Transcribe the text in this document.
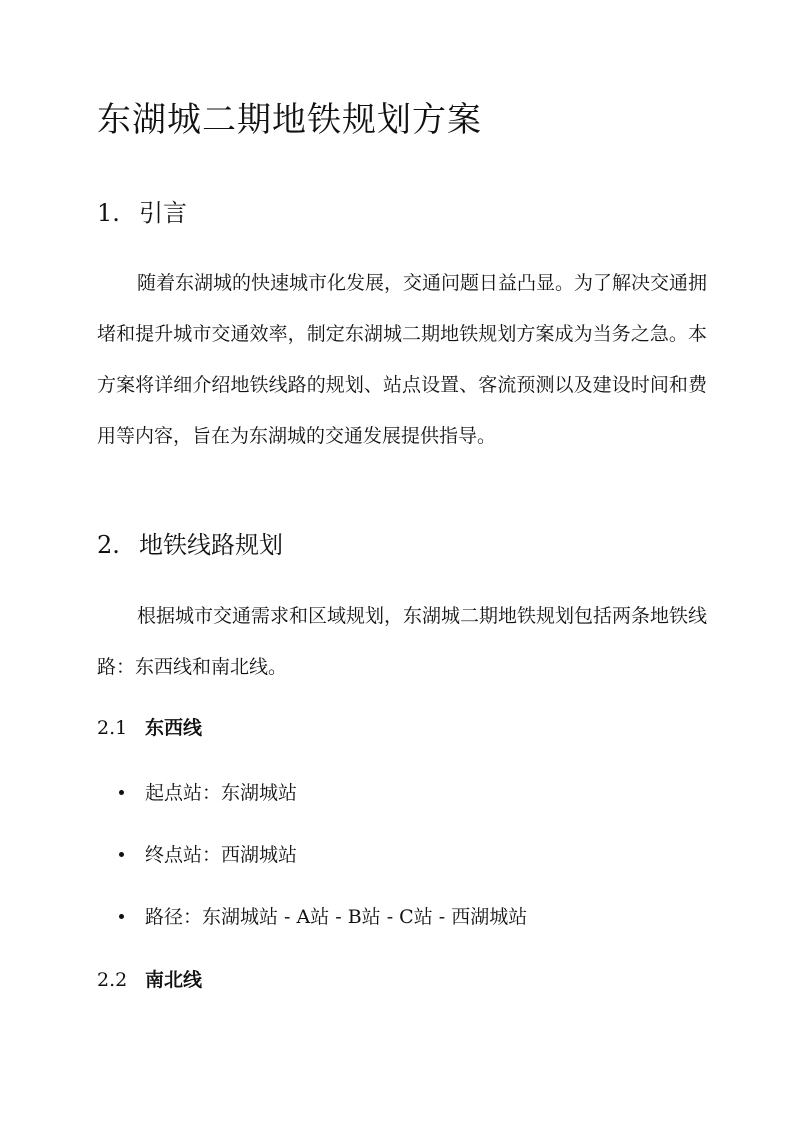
东湖城二期地铁规划方案
1. 引言

随着东湖城的快速城市化发展，交通问题日益凸显。为了解决交通拥堵和提升城市交通效率，制定东湖城二期地铁规划方案成为当务之急。本方案将详细介绍地铁线路的规划、站点设置、客流预测以及建设时间和费用等内容，旨在为东湖城的交通发展提供指导。

2. 地铁线路规划

根据城市交通需求和区域规划，东湖城二期地铁规划包括两条地铁线路：东西线和南北线。

2.1 东西线
起点站：东湖城站
终点站：西湖城站
路径：东湖城站 - A站 - B站 - C站 - 西湖城站
2.2 南北线
